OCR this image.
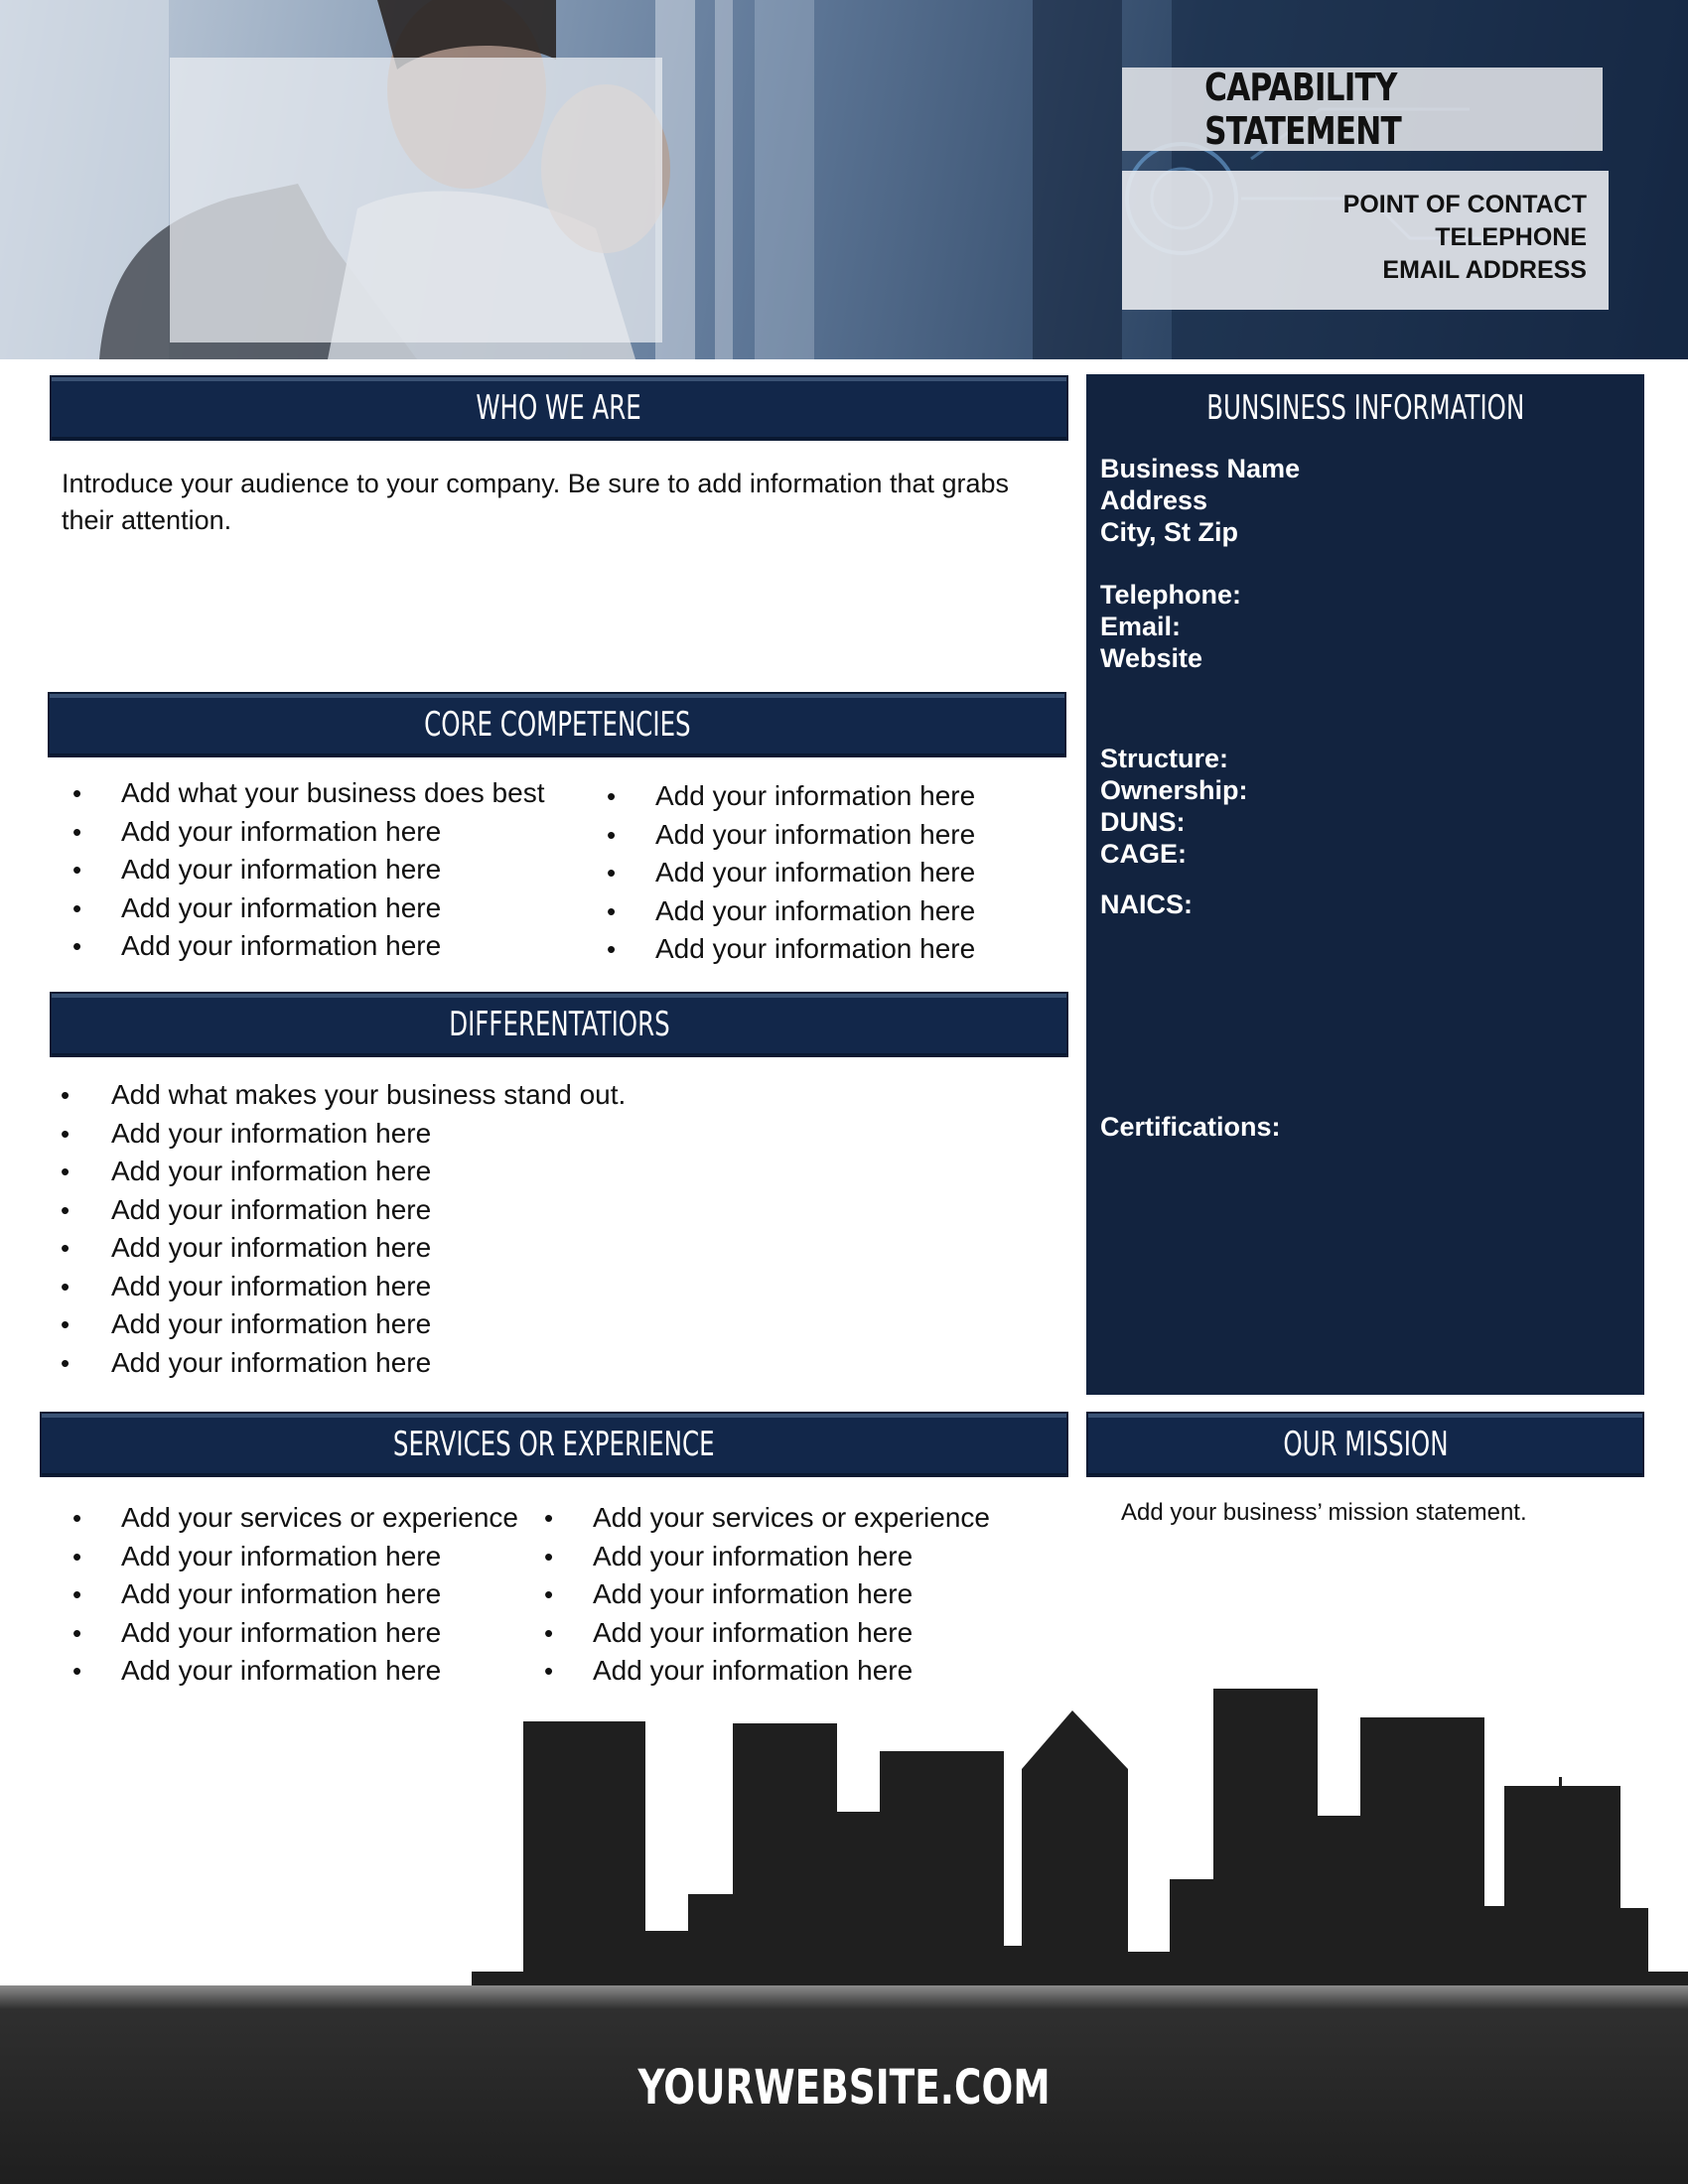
CAPABILITY STATEMENT
POINT OF CONTACT
TELEPHONE
EMAIL ADDRESS
WHO WE ARE
Introduce your audience to your company. Be sure to add information that grabs their attention.
CORE COMPETENCIES
• Add what your business does best
• Add your information here
• Add your information here
• Add your information here
• Add your information here
• Add your information here
• Add your information here
• Add your information here
• Add your information here
• Add your information here
DIFFERENTATIORS
• Add what makes your business stand out.
• Add your information here
• Add your information here
• Add your information here
• Add your information here
• Add your information here
• Add your information here
• Add your information here
BUNSINESS INFORMATION
Business Name
Address
City, St Zip
Telephone:
Email:
Website
Structure:
Ownership:
DUNS:
CAGE:
NAICS:
Certifications:
SERVICES OR EXPERIENCE
• Add your services or experience
• Add your information here
• Add your information here
• Add your information here
• Add your information here
• Add your services or experience
• Add your information here
• Add your information here
• Add your information here
• Add your information here
OUR MISSION
Add your business’ mission statement.
YOURWEBSITE.COM
